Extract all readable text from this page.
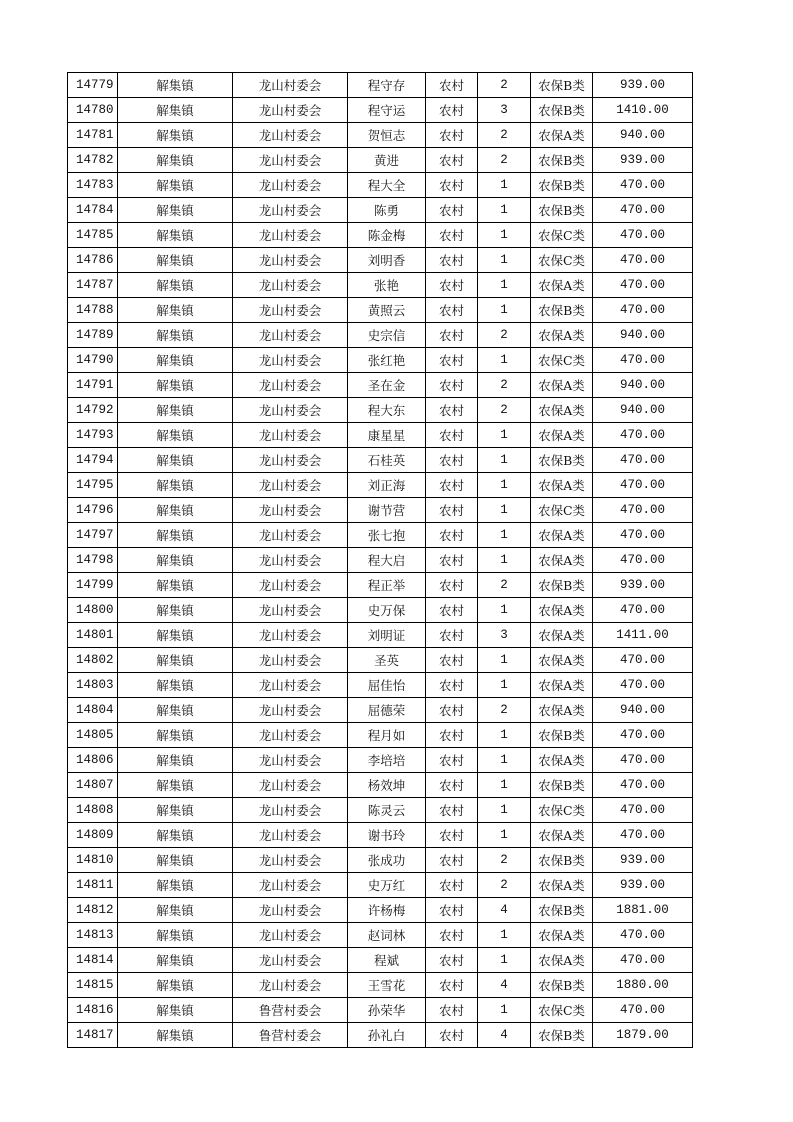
14779	解集镇	龙山村委会	程守存	农村	2	农保B类	939.00
14780	解集镇	龙山村委会	程守运	农村	3	农保B类	1410.00
14781	解集镇	龙山村委会	贺恒志	农村	2	农保A类	940.00
14782	解集镇	龙山村委会	黄进	农村	2	农保B类	939.00
14783	解集镇	龙山村委会	程大全	农村	1	农保B类	470.00
14784	解集镇	龙山村委会	陈勇	农村	1	农保B类	470.00
14785	解集镇	龙山村委会	陈金梅	农村	1	农保C类	470.00
14786	解集镇	龙山村委会	刘明香	农村	1	农保C类	470.00
14787	解集镇	龙山村委会	张艳	农村	1	农保A类	470.00
14788	解集镇	龙山村委会	黄照云	农村	1	农保B类	470.00
14789	解集镇	龙山村委会	史宗信	农村	2	农保A类	940.00
14790	解集镇	龙山村委会	张红艳	农村	1	农保C类	470.00
14791	解集镇	龙山村委会	圣在金	农村	2	农保A类	940.00
14792	解集镇	龙山村委会	程大东	农村	2	农保A类	940.00
14793	解集镇	龙山村委会	康星星	农村	1	农保A类	470.00
14794	解集镇	龙山村委会	石桂英	农村	1	农保B类	470.00
14795	解集镇	龙山村委会	刘正海	农村	1	农保A类	470.00
14796	解集镇	龙山村委会	谢节营	农村	1	农保C类	470.00
14797	解集镇	龙山村委会	张七抱	农村	1	农保A类	470.00
14798	解集镇	龙山村委会	程大启	农村	1	农保A类	470.00
14799	解集镇	龙山村委会	程正举	农村	2	农保B类	939.00
14800	解集镇	龙山村委会	史万保	农村	1	农保A类	470.00
14801	解集镇	龙山村委会	刘明证	农村	3	农保A类	1411.00
14802	解集镇	龙山村委会	圣英	农村	1	农保A类	470.00
14803	解集镇	龙山村委会	屈佳怡	农村	1	农保A类	470.00
14804	解集镇	龙山村委会	屈德荣	农村	2	农保A类	940.00
14805	解集镇	龙山村委会	程月如	农村	1	农保B类	470.00
14806	解集镇	龙山村委会	李培培	农村	1	农保A类	470.00
14807	解集镇	龙山村委会	杨效坤	农村	1	农保B类	470.00
14808	解集镇	龙山村委会	陈灵云	农村	1	农保C类	470.00
14809	解集镇	龙山村委会	谢书玲	农村	1	农保A类	470.00
14810	解集镇	龙山村委会	张成功	农村	2	农保B类	939.00
14811	解集镇	龙山村委会	史万红	农村	2	农保A类	939.00
14812	解集镇	龙山村委会	许杨梅	农村	4	农保B类	1881.00
14813	解集镇	龙山村委会	赵词林	农村	1	农保A类	470.00
14814	解集镇	龙山村委会	程斌	农村	1	农保A类	470.00
14815	解集镇	龙山村委会	王雪花	农村	4	农保B类	1880.00
14816	解集镇	鲁营村委会	孙荣华	农村	1	农保C类	470.00
14817	解集镇	鲁营村委会	孙礼白	农村	4	农保B类	1879.00
